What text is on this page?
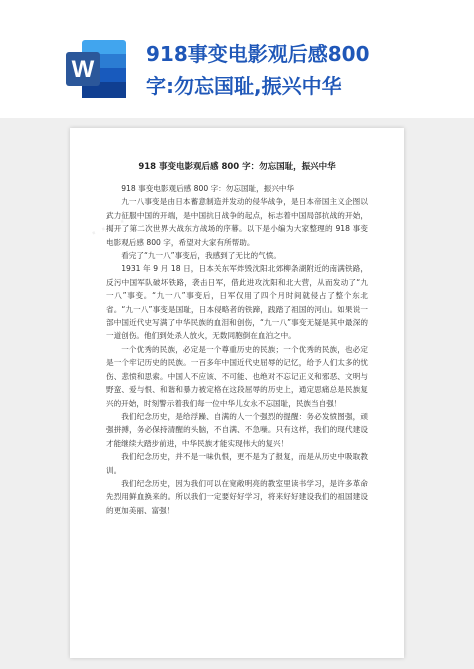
W
918事变电影观后感800
字:勿忘国耻,振兴中华
· · · · ·
918 事变电影观后感 800 字：勿忘国耻，振兴中华

918 事变电影观后感 800 字：勿忘国耻，振兴中华

九一八事变是由日本蓄意制造并发动的侵华战争，是日本帝国主义企图以武力征服中国的开端，是中国抗日战争的起点，标志着中国局部抗战的开始，揭开了第二次世界大战东方战场的序幕。以下是小编为大家整理的 918 事变电影观后感 800 字，希望对大家有所帮助。

看完了“九一八”事变后，我感到了无比的气愤。

1931 年 9 月 18 日，日本关东军炸毁沈阳北郊柳条湖附近的南满铁路，反污中国军队破坏铁路，袭击日军，借此进攻沈阳和北大营，从而发动了“九一八”事变。“九一八”事变后，日军仅用了四个月时间就侵占了整个东北省。“九一八”事变是国耻，日本侵略者的铁蹄，践踏了祖国的河山。如果说一部中国近代史写满了中华民族的血泪和创伤，“九一八”事变无疑是其中最深的一道创伤。他们到处杀人放火，无数同胞倒在血泊之中。

一个优秀的民族，必定是一个尊重历史的民族；一个优秀的民族，也必定是一个牢记历史的民族。一百多年中国近代史屈辱的记忆，给予人们太多的忧伤、悲愤和思索。中国人不应该、不可能、也绝对不忘记正义和邪恶、文明与野蛮、爱与恨、和谐和暴力被定格在这段屈辱的历史上，通定思痛总是民族复兴的开始，时刻警示着我们每一位中华儿女永不忘国耻，民族当自强！

我们纪念历史，是给浮躁、自满的人一个强烈的提醒：务必发愤图强，顽强拼搏，务必保持清醒的头脑，不自满、不急噪。只有这样，我们的现代建设才能继续大踏步前进，中华民族才能实现伟大的复兴！

我们纪念历史，并不是一味仇恨，更不是为了报复，而是从历史中吸取教训。

我们纪念历史，因为我们可以在宽敞明亮的教室里读书学习，是许多革命先烈用鲜血换来的。所以我们一定要好好学习，将来好好建设我们的祖国建设的更加美丽、富强！
